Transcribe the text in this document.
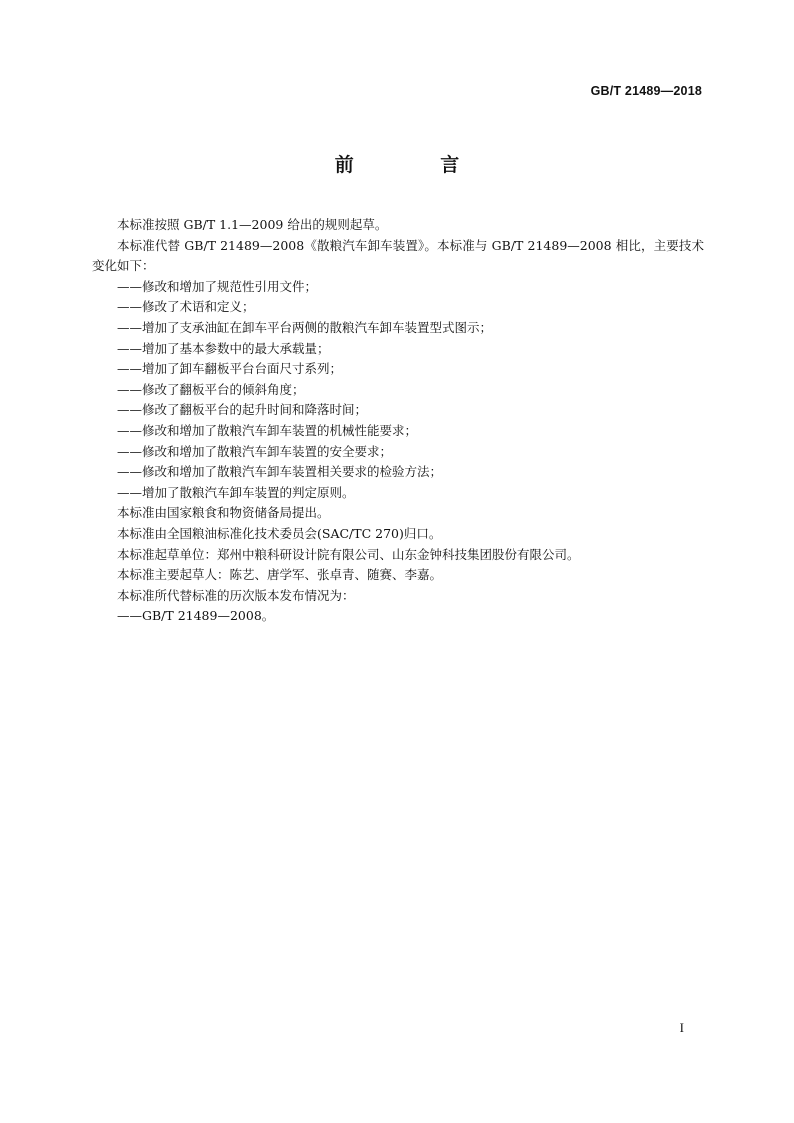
GB/T 21489—2018
前 言

本标准按照 GB/T 1.1—2009 给出的规则起草。

本标准代替 GB/T 21489—2008《散粮汽车卸车装置》。本标准与 GB/T 21489—2008 相比，主要技术变化如下：

——修改和增加了规范性引用文件；

——修改了术语和定义；

——增加了支承油缸在卸车平台两侧的散粮汽车卸车装置型式图示；

——增加了基本参数中的最大承载量；

——增加了卸车翻板平台台面尺寸系列；

——修改了翻板平台的倾斜角度；

——修改了翻板平台的起升时间和降落时间；

——修改和增加了散粮汽车卸车装置的机械性能要求；

——修改和增加了散粮汽车卸车装置的安全要求；

——修改和增加了散粮汽车卸车装置相关要求的检验方法；

——增加了散粮汽车卸车装置的判定原则。

本标准由国家粮食和物资储备局提出。

本标准由全国粮油标准化技术委员会(SAC/TC 270)归口。

本标准起草单位：郑州中粮科研设计院有限公司、山东金钟科技集团股份有限公司。

本标准主要起草人：陈艺、唐学军、张卓青、随赛、李嘉。

本标准所代替标准的历次版本发布情况为：

——GB/T 21489—2008。

I
